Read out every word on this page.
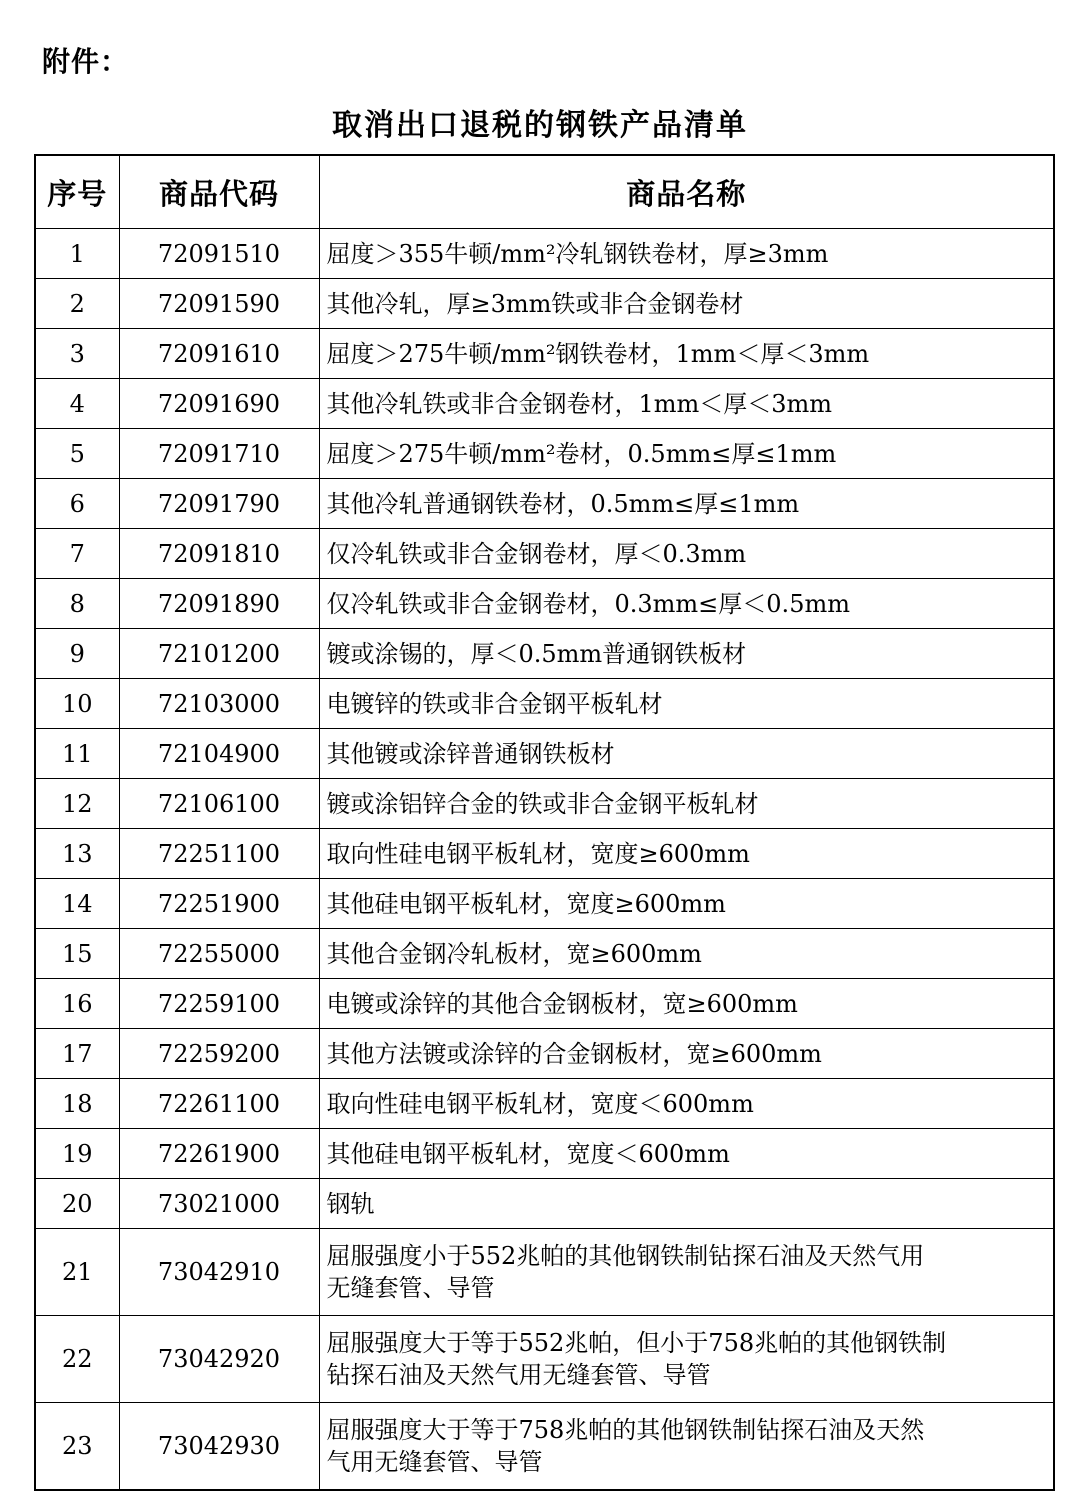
附件：
取消出口退税的钢铁产品清单
序号	商品代码	商品名称
1	72091510	屈度＞355牛顿/mm²冷轧钢铁卷材，厚≥3mm
2	72091590	其他冷轧，厚≥3mm铁或非合金钢卷材
3	72091610	屈度＞275牛顿/mm²钢铁卷材，1mm＜厚＜3mm
4	72091690	其他冷轧铁或非合金钢卷材，1mm＜厚＜3mm
5	72091710	屈度＞275牛顿/mm²卷材，0.5mm≤厚≤1mm
6	72091790	其他冷轧普通钢铁卷材，0.5mm≤厚≤1mm
7	72091810	仅冷轧铁或非合金钢卷材，厚＜0.3mm
8	72091890	仅冷轧铁或非合金钢卷材，0.3mm≤厚＜0.5mm
9	72101200	镀或涂锡的，厚＜0.5mm普通钢铁板材
10	72103000	电镀锌的铁或非合金钢平板轧材
11	72104900	其他镀或涂锌普通钢铁板材
12	72106100	镀或涂铝锌合金的铁或非合金钢平板轧材
13	72251100	取向性硅电钢平板轧材，宽度≥600mm
14	72251900	其他硅电钢平板轧材，宽度≥600mm
15	72255000	其他合金钢冷轧板材，宽≥600mm
16	72259100	电镀或涂锌的其他合金钢板材，宽≥600mm
17	72259200	其他方法镀或涂锌的合金钢板材，宽≥600mm
18	72261100	取向性硅电钢平板轧材，宽度＜600mm
19	72261900	其他硅电钢平板轧材，宽度＜600mm
20	73021000	钢轨
21	73042910	屈服强度小于552兆帕的其他钢铁制钻探石油及天然气用
无缝套管、导管

22	73042920	屈服强度大于等于552兆帕，但小于758兆帕的其他钢铁制
钻探石油及天然气用无缝套管、导管

23	73042930	屈服强度大于等于758兆帕的其他钢铁制钻探石油及天然
气用无缝套管、导管
